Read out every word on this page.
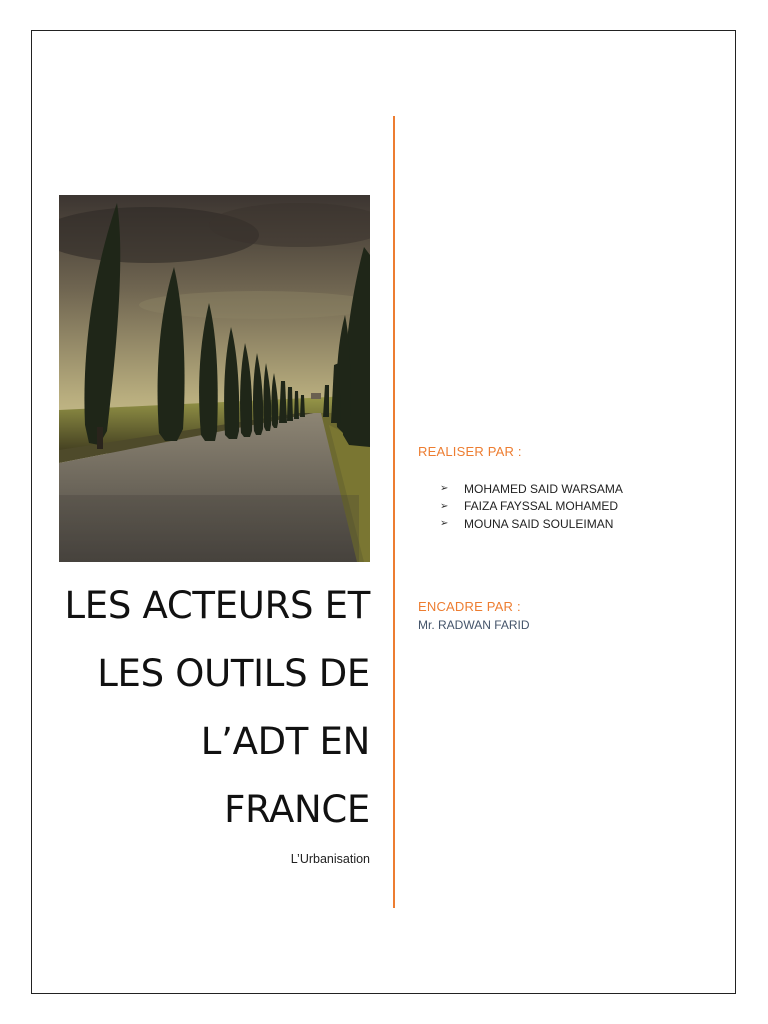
LES ACTEURS ET
LES OUTILS DE
L’ADT EN
FRANCE
L’Urbanisation
REALISER PAR :
➢	MOHAMED SAID WARSAMA
➢	FAIZA FAYSSAL MOHAMED
➢	MOUNA SAID SOULEIMAN
ENCADRE PAR :
Mr. RADWAN FARID
